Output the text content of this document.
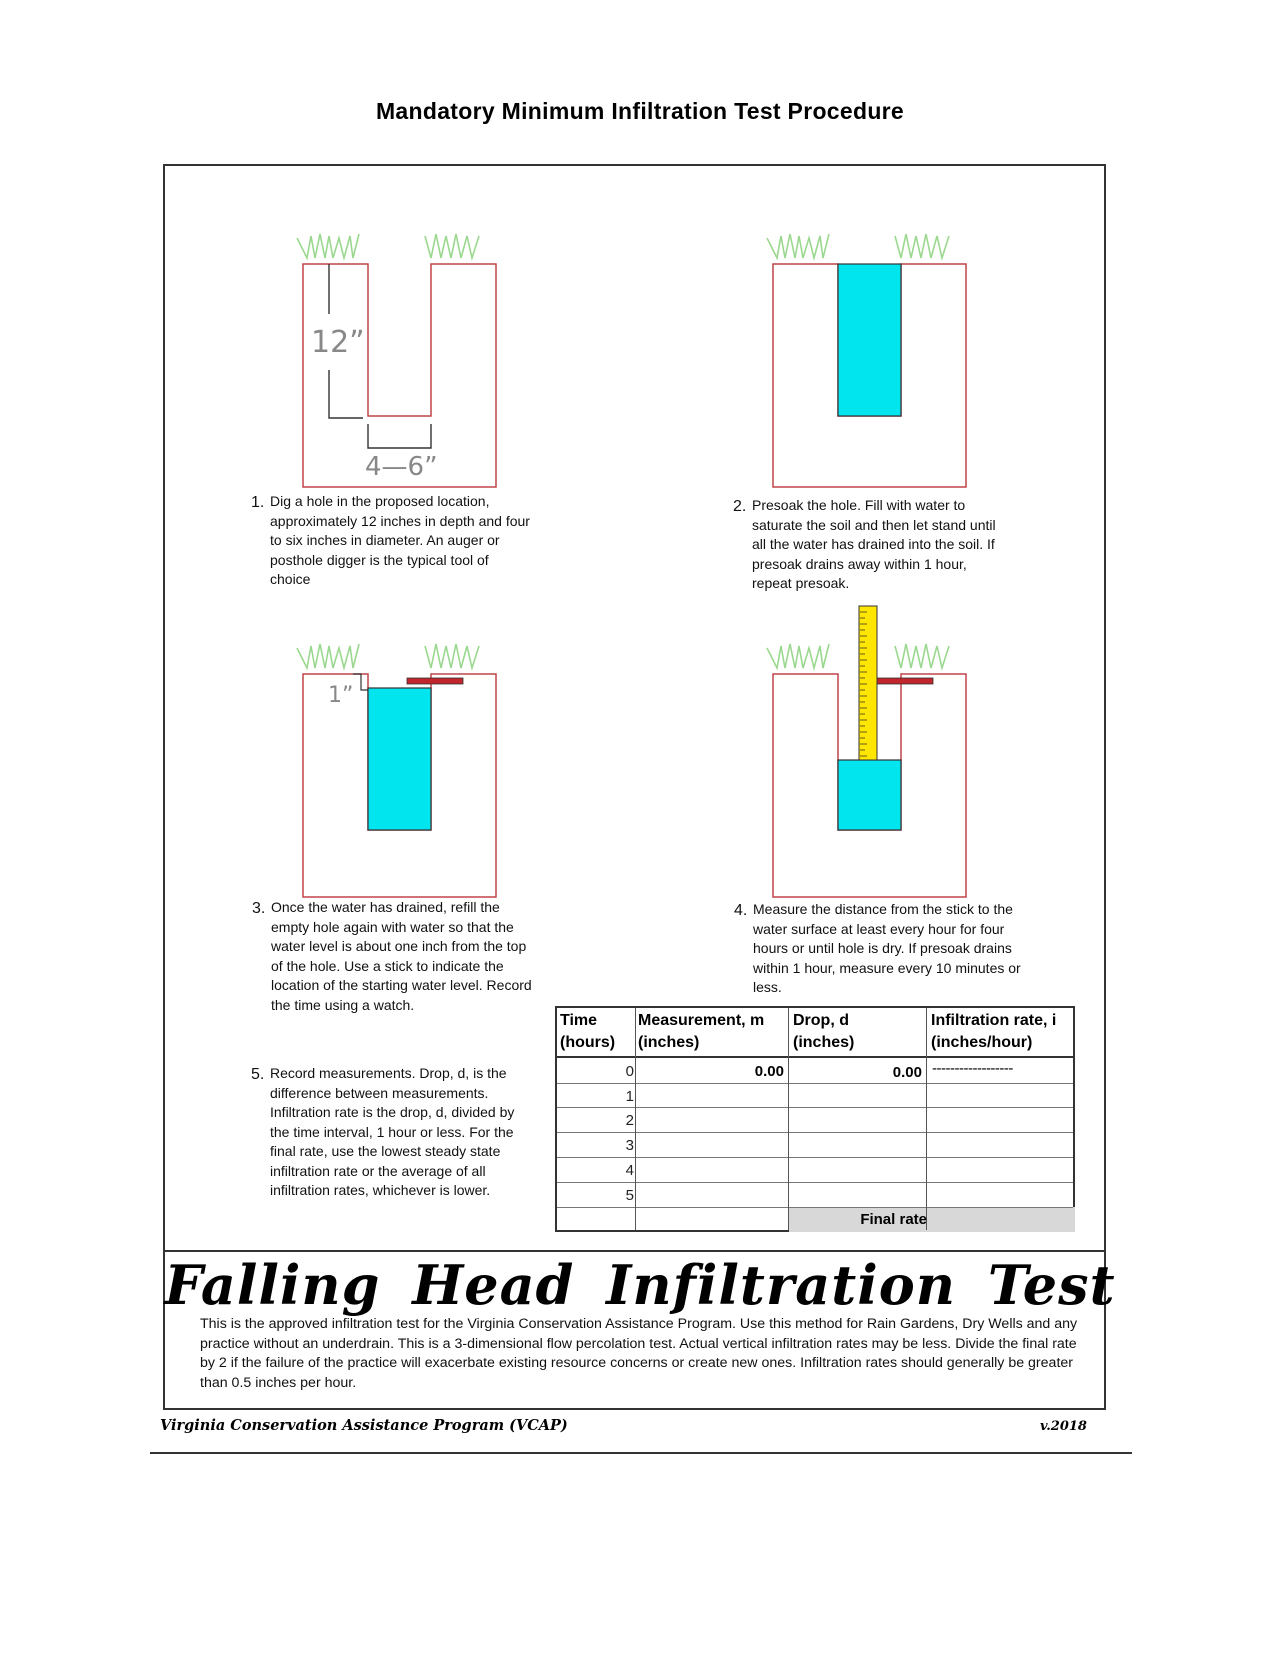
Mandatory Minimum Infiltration Test Procedure
12”
4—6”
1”
1. Dig a hole in the proposed location, approximately 12 inches in depth and four to six inches in diameter. An auger or posthole digger is the typical tool of choice
2. Presoak the hole. Fill with water to saturate the soil and then let stand until all the water has drained into the soil. If presoak drains away within 1 hour, repeat presoak.
3. Once the water has drained, refill the empty hole again with water so that the water level is about one inch from the top of the hole. Use a stick to indicate the location of the starting water level. Record the time using a watch.
4. Measure the distance from the stick to the water surface at least every hour for four hours or until hole is dry. If presoak drains within 1 hour, measure every 10 minutes or less.
5. Record measurements. Drop, d, is the difference between measurements. Infiltration rate is the drop, d, divided by the time interval, 1 hour or less. For the final rate, use the lowest steady state infiltration rate or the average of all infiltration rates, whichever is lower.
Time
(hours)
Measurement, m
(inches)
Drop, d
(inches)
Infiltration rate, i
(inches/hour)
0
1
2
3
4
5
0.00	0.00 ------------------
Final rate
Falling Head Infiltration Test
This is the approved infiltration test for the Virginia Conservation Assistance Program. Use this method for Rain Gardens, Dry Wells and any practice without an underdrain. This is a 3-dimensional flow percolation test. Actual vertical infiltration rates may be less. Divide the final rate by 2 if the failure of the practice will exacerbate existing resource concerns or create new ones. Infiltration rates should generally be greater than 0.5 inches per hour.
Virginia Conservation Assistance Program (VCAP)	v.2018
